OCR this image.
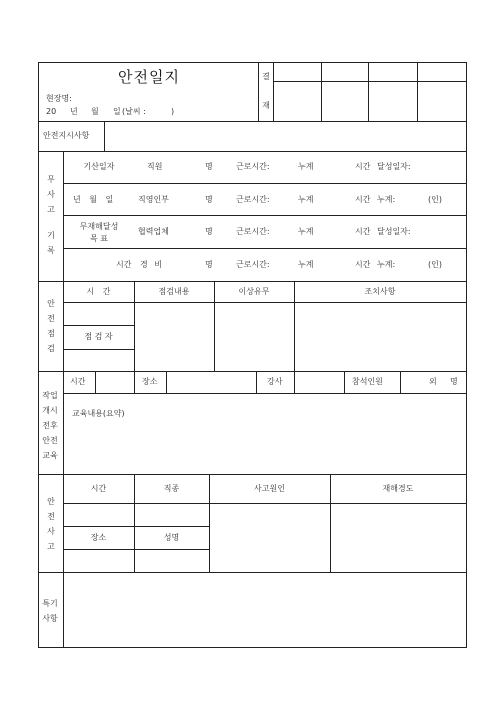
안전일지
현장명:
20 년 월 일 (날씨 :	)
결
재
안전지시사항
무
사
고
기
록
기산일자	직원	명	근로시간:	누계	시간 달성일자:
년 월 일	직영인부	명	근로시간:	누계	시간 누계:	(인)
무재해달성
목 표
협력업체	명	근로시간:	누계	시간 달성일자:
시간 경 비	명	근로시간:	누계	시간 누계:	(인)
안
전
점
검
시 간	점검내용	이상유무	조치사항
점 검 자
작업
개시
전후
안전
교육
시간	장소	강사	참석인원	외 명
교육내용(요약)
안
전
사
고
시간	직종	사고원인	재해경도
장소	성명
특기
사항
